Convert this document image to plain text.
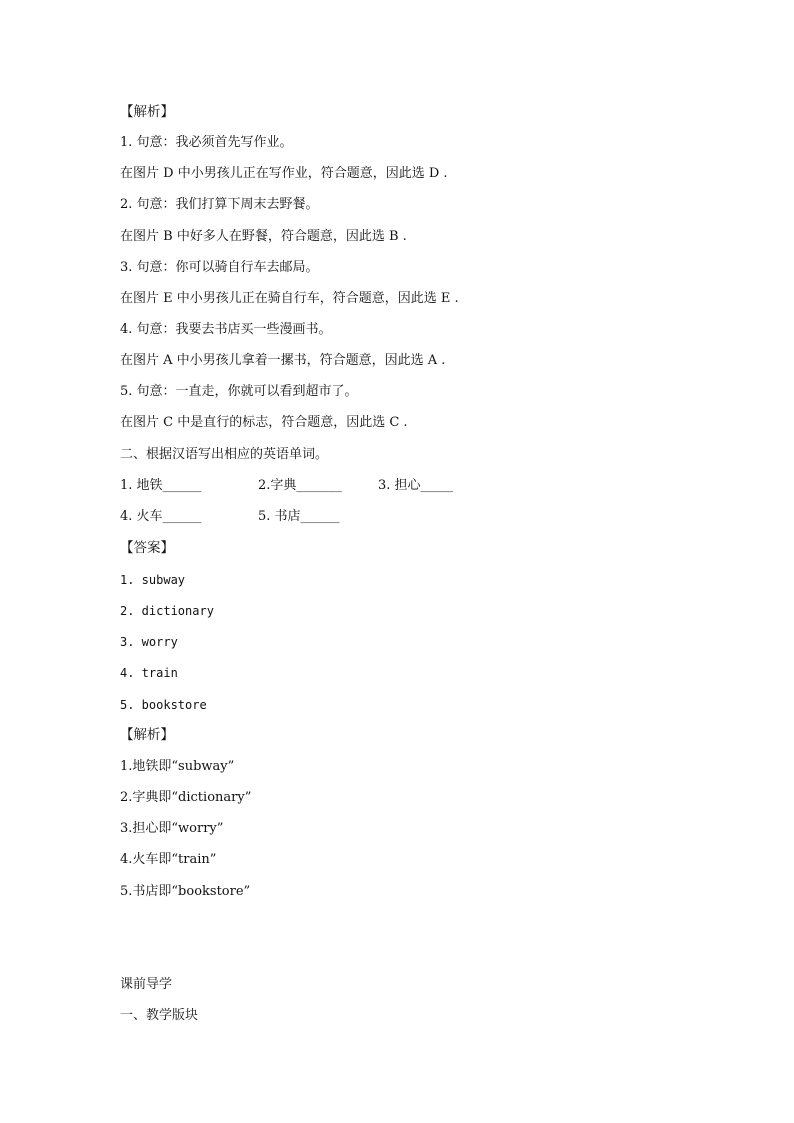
【解析】
1. 句意：我必须首先写作业。
在图片 D 中小男孩儿正在写作业，符合题意，因此选 D .
2. 句意：我们打算下周末去野餐。
在图片 B 中好多人在野餐，符合题意，因此选 B .
3. 句意：你可以骑自行车去邮局。
在图片 E 中小男孩儿正在骑自行车，符合题意，因此选 E .
4. 句意：我要去书店买一些漫画书。
在图片 A 中小男孩儿拿着一摞书，符合题意，因此选 A .
5. 句意：一直走，你就可以看到超市了。
在图片 C 中是直行的标志，符合题意，因此选 C .
二、根据汉语写出相应的英语单词。
1. 地铁______	2.字典_______	3. 担心_____
4. 火车______	5. 书店______
【答案】
1. subway
2. dictionary
3. worry
4. train
5. bookstore
【解析】
1.地铁即“subway”
2.字典即“dictionary”
3.担心即“worry”
4.火车即“train”
5.书店即“bookstore”
课前导学
一、教学版块
